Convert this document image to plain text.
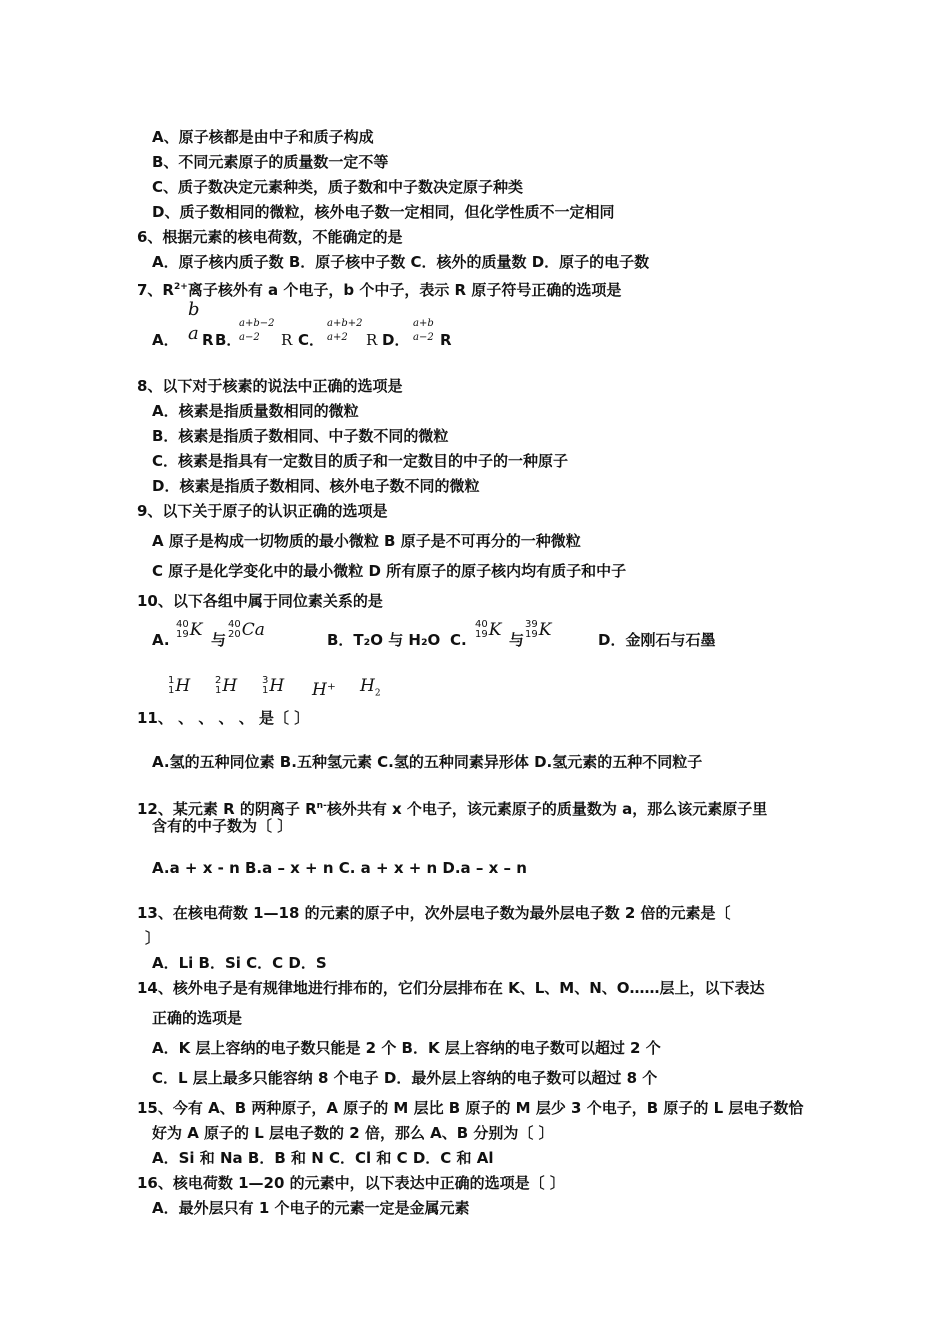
A、原子核都是由中子和质子构成
B、不同元素原子的质量数一定不等
C、质子数决定元素种类，质子数和中子数决定原子种类
D、质子数相同的微粒，核外电子数一定相同，但化学性质不一定相同
6、根据元素的核电荷数，不能确定的是
A．原子核内质子数 B．原子核中子数 C．核外的质量数 D．原子的电子数
7、$R^{2+}$离子核外有 a 个电子，b 个中子，表示 R 原子符号正确的选项是
A．
b
a R B．
a+b−2
a−2 R C．
a+b+2
a+2 R D．
a+b
a−2 R
8、以下对于核素的说法中正确的选项是
A．核素是指质量数相同的微粒
B．核素是指质子数相同、中子数不同的微粒
C．核素是指具有一定数目的质子和一定数目的中子的一种原子
D．核素是指质子数相同、核外电子数不同的微粒
9、以下关于原子的认识正确的选项是
A 原子是构成一切物质的最小微粒 B 原子是不可再分的一种微粒
C 原子是化学变化中的最小微粒 D 所有原子的原子核内均有质子和中子
10、以下各组中属于同位素关系的是
A.
40
19K 与
40
20Ca	B．T₂O 与 H₂O C.
40
19K 与
39
19K	D．金刚石与石墨
1
1H 2
1H 3
1H H⁺ $H_2$
11、 、 、 、 、 是〔 〕
A.氢的五种同位素 B.五种氢元素 C.氢的五种同素异形体 D.氢元素的五种不同粒子
12、某元素 R 的阴离子 $R^{n-}$核外共有 x 个电子，该元素原子的质量数为 a，那么该元素原子里
含有的中子数为〔 〕
A.a + x - n B.a – x + n C. a + x + n D.a – x – n
13、在核电荷数 1—18 的元素的原子中，次外层电子数为最外层电子数 2 倍的元素是〔
〕
A．Li B．Si C．C D．S
14、核外电子是有规律地进行排布的，它们分层排布在 K、L、M、N、O……层上，以下表达
正确的选项是
A．K 层上容纳的电子数只能是 2 个 B．K 层上容纳的电子数可以超过 2 个
C．L 层上最多只能容纳 8 个电子 D．最外层上容纳的电子数可以超过 8 个
15、今有 A、B 两种原子，A 原子的 M 层比 B 原子的 M 层少 3 个电子，B 原子的 L 层电子数恰
好为 A 原子的 L 层电子数的 2 倍，那么 A、B 分别为〔 〕
A．Si 和 Na B．B 和 N C．Cl 和 C D．C 和 Al
16、核电荷数 1—20 的元素中，以下表达中正确的选项是〔 〕
A．最外层只有 1 个电子的元素一定是金属元素
